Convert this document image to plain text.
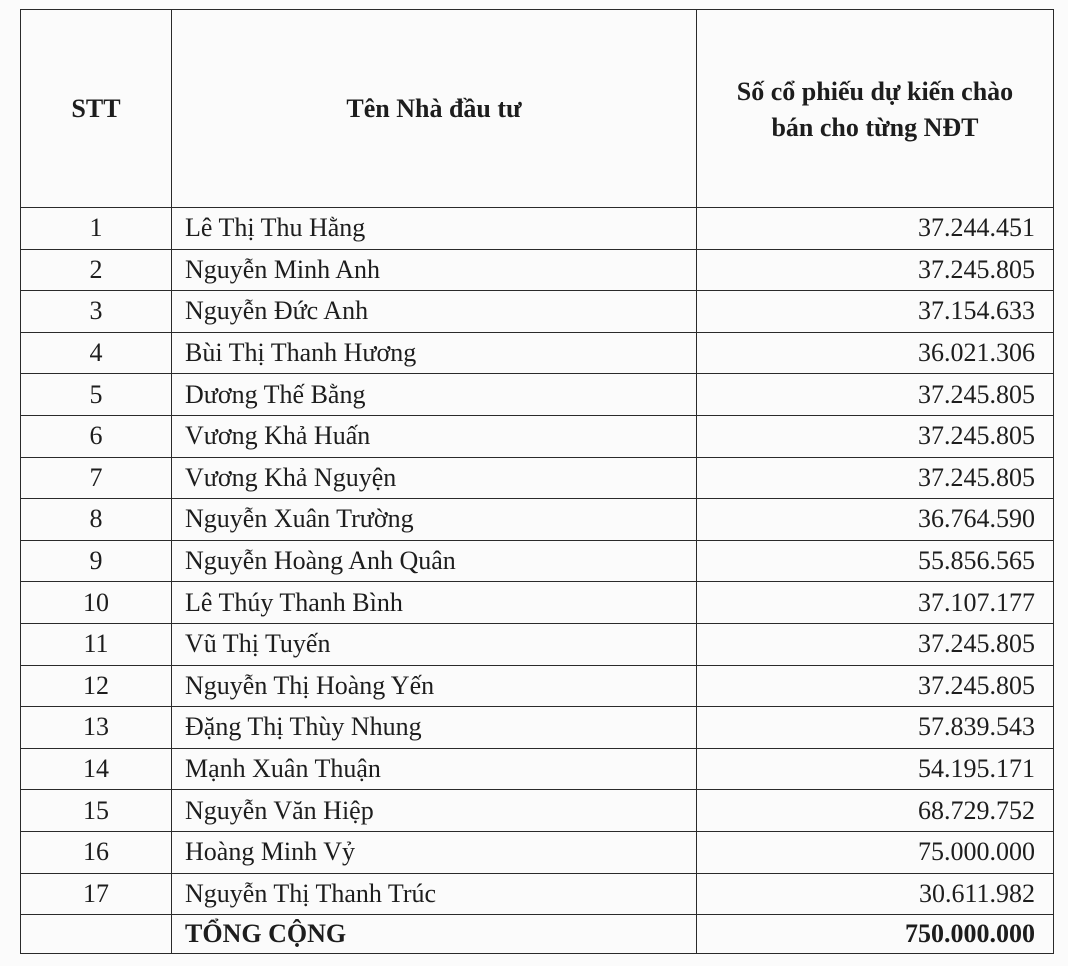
STT	Tên Nhà đầu tư	Số cổ phiếu dự kiến chào
bán cho từng NĐT
1	Lê Thị Thu Hằng	37.244.451
2	Nguyễn Minh Anh	37.245.805
3	Nguyễn Đức Anh	37.154.633
4	Bùi Thị Thanh Hương	36.021.306
5	Dương Thế Bằng	37.245.805
6	Vương Khả Huấn	37.245.805
7	Vương Khả Nguyện	37.245.805
8	Nguyễn Xuân Trường	36.764.590
9	Nguyễn Hoàng Anh Quân	55.856.565
10	Lê Thúy Thanh Bình	37.107.177
11	Vũ Thị Tuyến	37.245.805
12	Nguyễn Thị Hoàng Yến	37.245.805
13	Đặng Thị Thùy Nhung	57.839.543
14	Mạnh Xuân Thuận	54.195.171
15	Nguyễn Văn Hiệp	68.729.752
16	Hoàng Minh Vỷ	75.000.000
17	Nguyễn Thị Thanh Trúc	30.611.982
	TỔNG CỘNG	750.000.000
